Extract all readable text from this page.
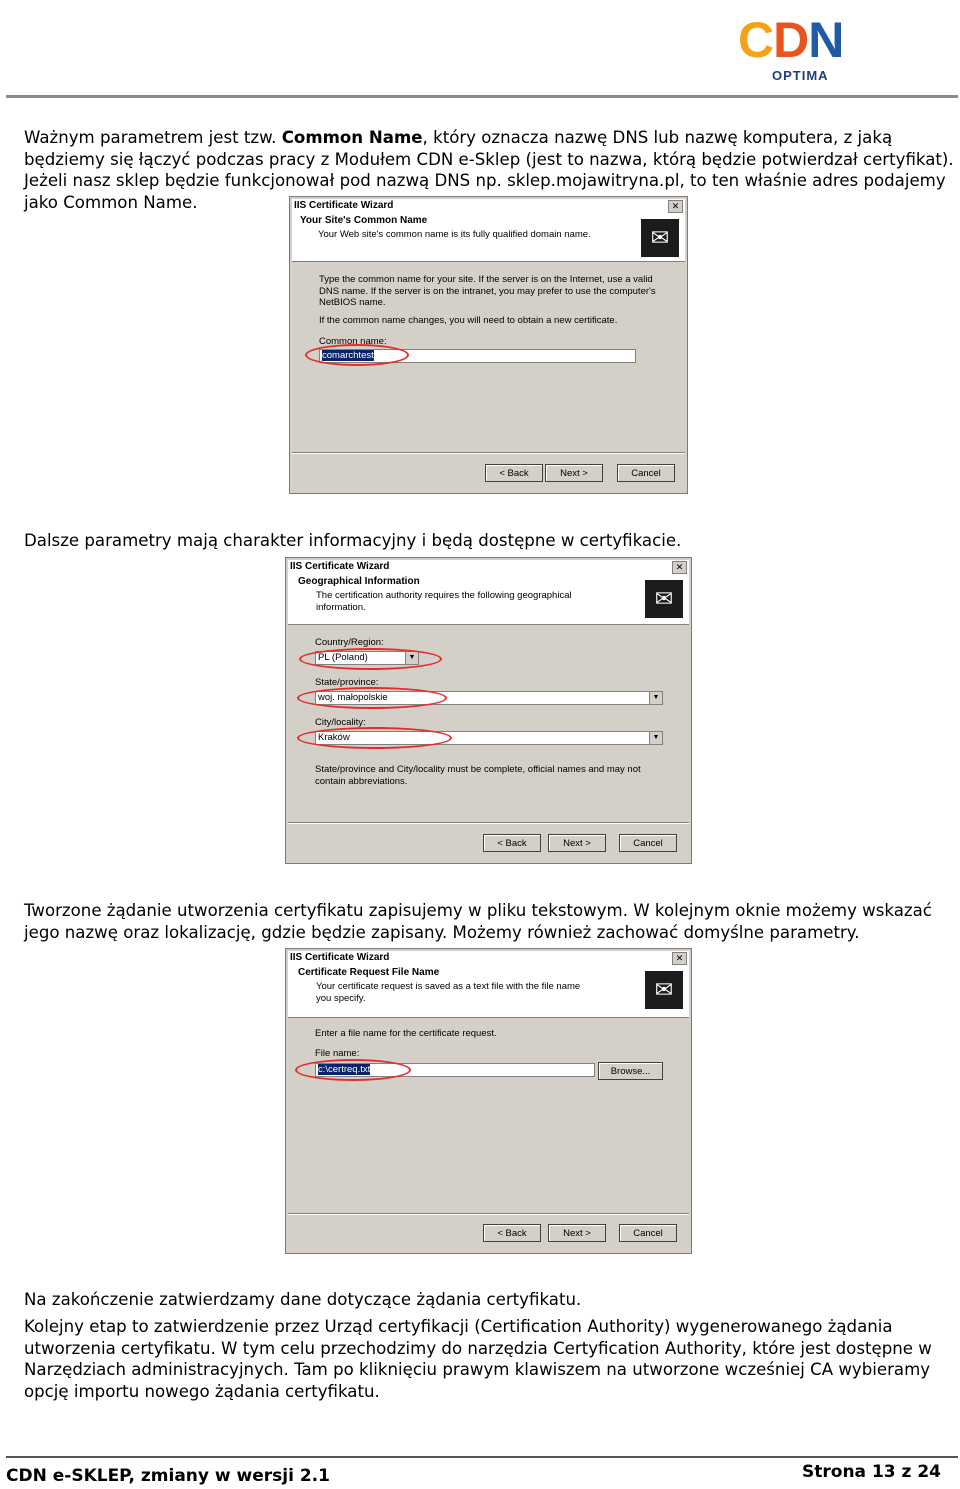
CDN
OPTIMA

Ważnym parametrem jest tzw. Common Name, który oznacza nazwę DNS lub nazwę komputera, z jaką będziemy się łączyć podczas pracy z Modułem CDN e-Sklep (jest to nazwa, którą będzie potwierdzał certyfikat). Jeżeli nasz sklep będzie funkcjonował pod nazwą DNS np. sklep.mojawitryna.pl, to ten właśnie adres podajemy jako Common Name.	IIS Certificate Wizard	✕
Your Site's Common Name
Your Web site's common name is its fully qualified domain name.	✉
Type the common name for your site. If the server is on the Internet, use a valid DNS name. If the server is on the intranet, you may prefer to use the computer's NetBIOS name.
If the common name changes, you will need to obtain a new certificate.
Common name:
comarchtest
< Back	Next >	Cancel

Dalsze parametry mają charakter informacyjny i będą dostępne w certyfikacie.

IIS Certificate Wizard	✕
Geographical Information
The certification authority requires the following geographical information.	✉
Country/Region:
PL (Poland)	▼
State/province:
woj. małopolskie	▼
City/locality:
Kraków	▼
State/province and City/locality must be complete, official names and may not contain abbreviations.
< Back	Next >	Cancel

Tworzone żądanie utworzenia certyfikatu zapisujemy w pliku tekstowym. W kolejnym oknie możemy wskazać jego nazwę oraz lokalizację, gdzie będzie zapisany. Możemy również zachować domyślne parametry.

IIS Certificate Wizard	✕
Certificate Request File Name
Your certificate request is saved as a text file with the file name you specify.	✉
Enter a file name for the certificate request.
File name:
c:\certreq.txt	Browse...
< Back	Next >	Cancel

Na zakończenie zatwierdzamy dane dotyczące żądania certyfikatu.

Kolejny etap to zatwierdzenie przez Urząd certyfikacji (Certification Authority) wygenerowanego żądania utworzenia certyfikatu. W tym celu przechodzimy do narzędzia Certyfication Authority, które jest dostępne w Narzędziach administracyjnych. Tam po kliknięciu prawym klawiszem na utworzone wcześniej CA wybieramy opcję importu nowego żądania certyfikatu.

CDN e-SKLEP, zmiany w wersji 2.1	Strona 13 z 24
